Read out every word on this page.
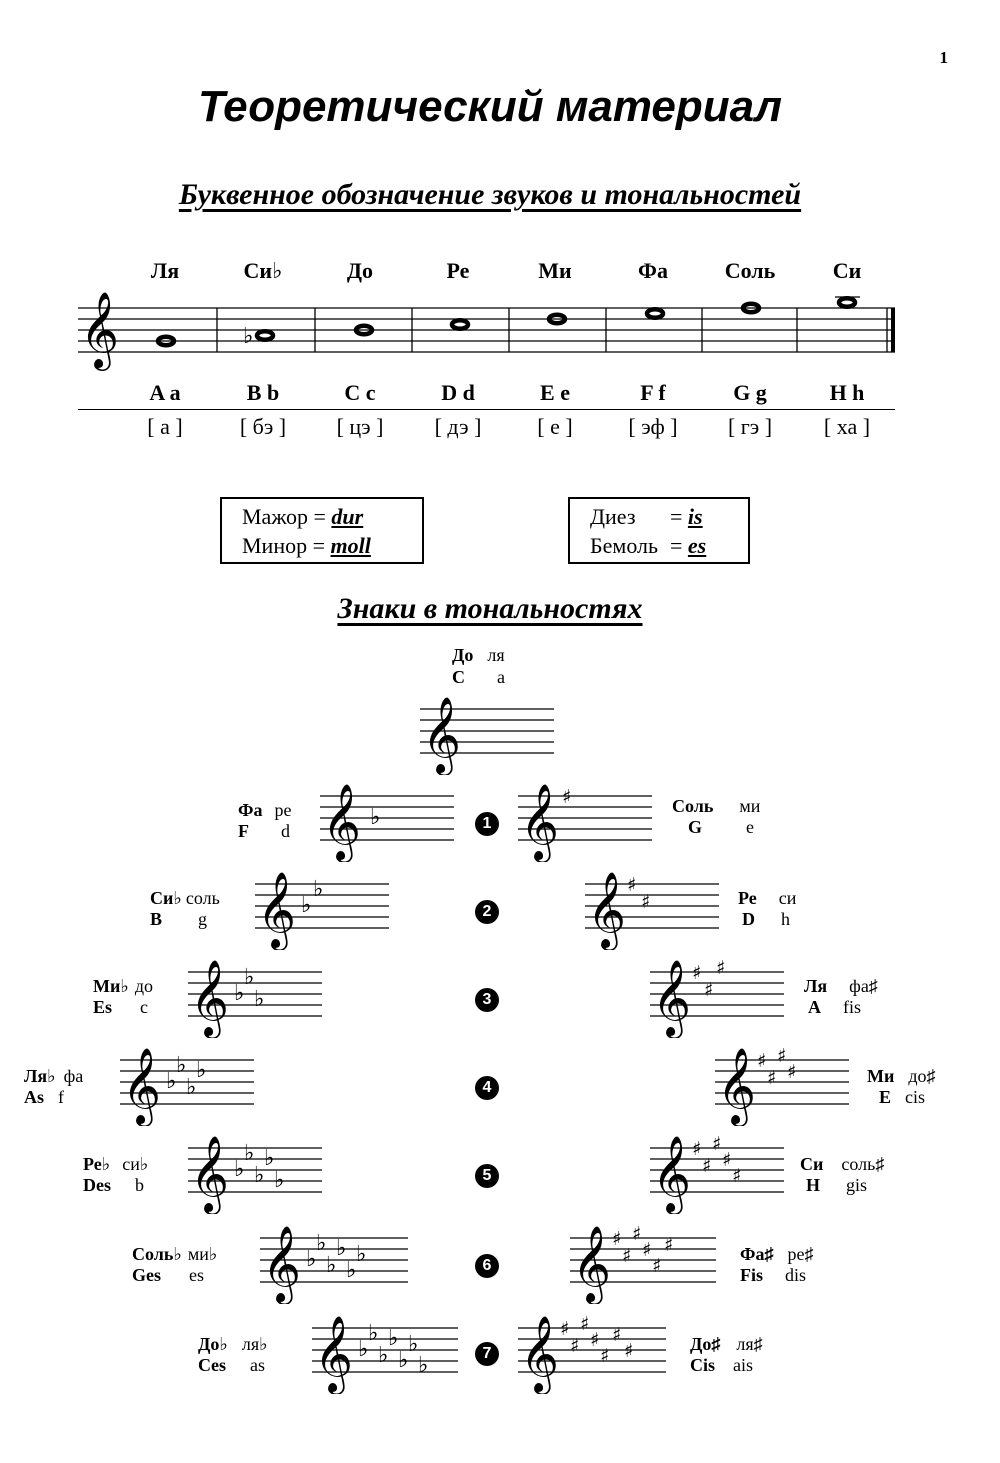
1
Теоретический материал
Буквенное обозначение звуков и тональностей
Ля	Си♭	До	Ре	Ми	Фа	Соль	Си
𝄞	♭
A a	B b	C c	D d	E e	F f	G g	H h
[ а ]	[ бэ ]	[ цэ ]	[ дэ ]	[ е ]	[ эф ]	[ гэ ]	[ ха ]
Мажор = dur
Минор = moll
Диез = is
Бемоль = es
Знаки в тональностях
До ля
C a
𝄞
1
Фа ре
F d 𝄞 ♭ 𝄞 ♯	Соль ми
G e
2
Си♭ соль
B g 𝄞 ♭
♭	𝄞 ♯
♯	Ре си
D h
3
Ми♭ до
Es c 𝄞 ♭
♭
♭	𝄞 ♯
♯
♯
Ля фа♯
A fis
4
Ля♭ фа
As f 𝄞 ♭
♭
♭
♭	𝄞 ♯
♯
♯
♯	Ми до♯
E cis
5
Ре♭ си♭
Des b 𝄞 ♭
♭
♭
♭
♭	𝄞 ♯
♯
♯
♯
♯
Си соль♯
H gis
6
Соль♭ ми♭
Ges es 𝄞 ♭
♭
♭
♭
♭
♭	𝄞 ♯
♯
♯
♯
♯
♯	Фа♯ ре♯
Fis dis
7
До♭ ля♭
Ces as 𝄞 ♭
♭
♭
♭
♭
♭
♭ 𝄞 ♯
♯
♯
♯
♯
♯
♯	До♯ ля♯
Cis ais
